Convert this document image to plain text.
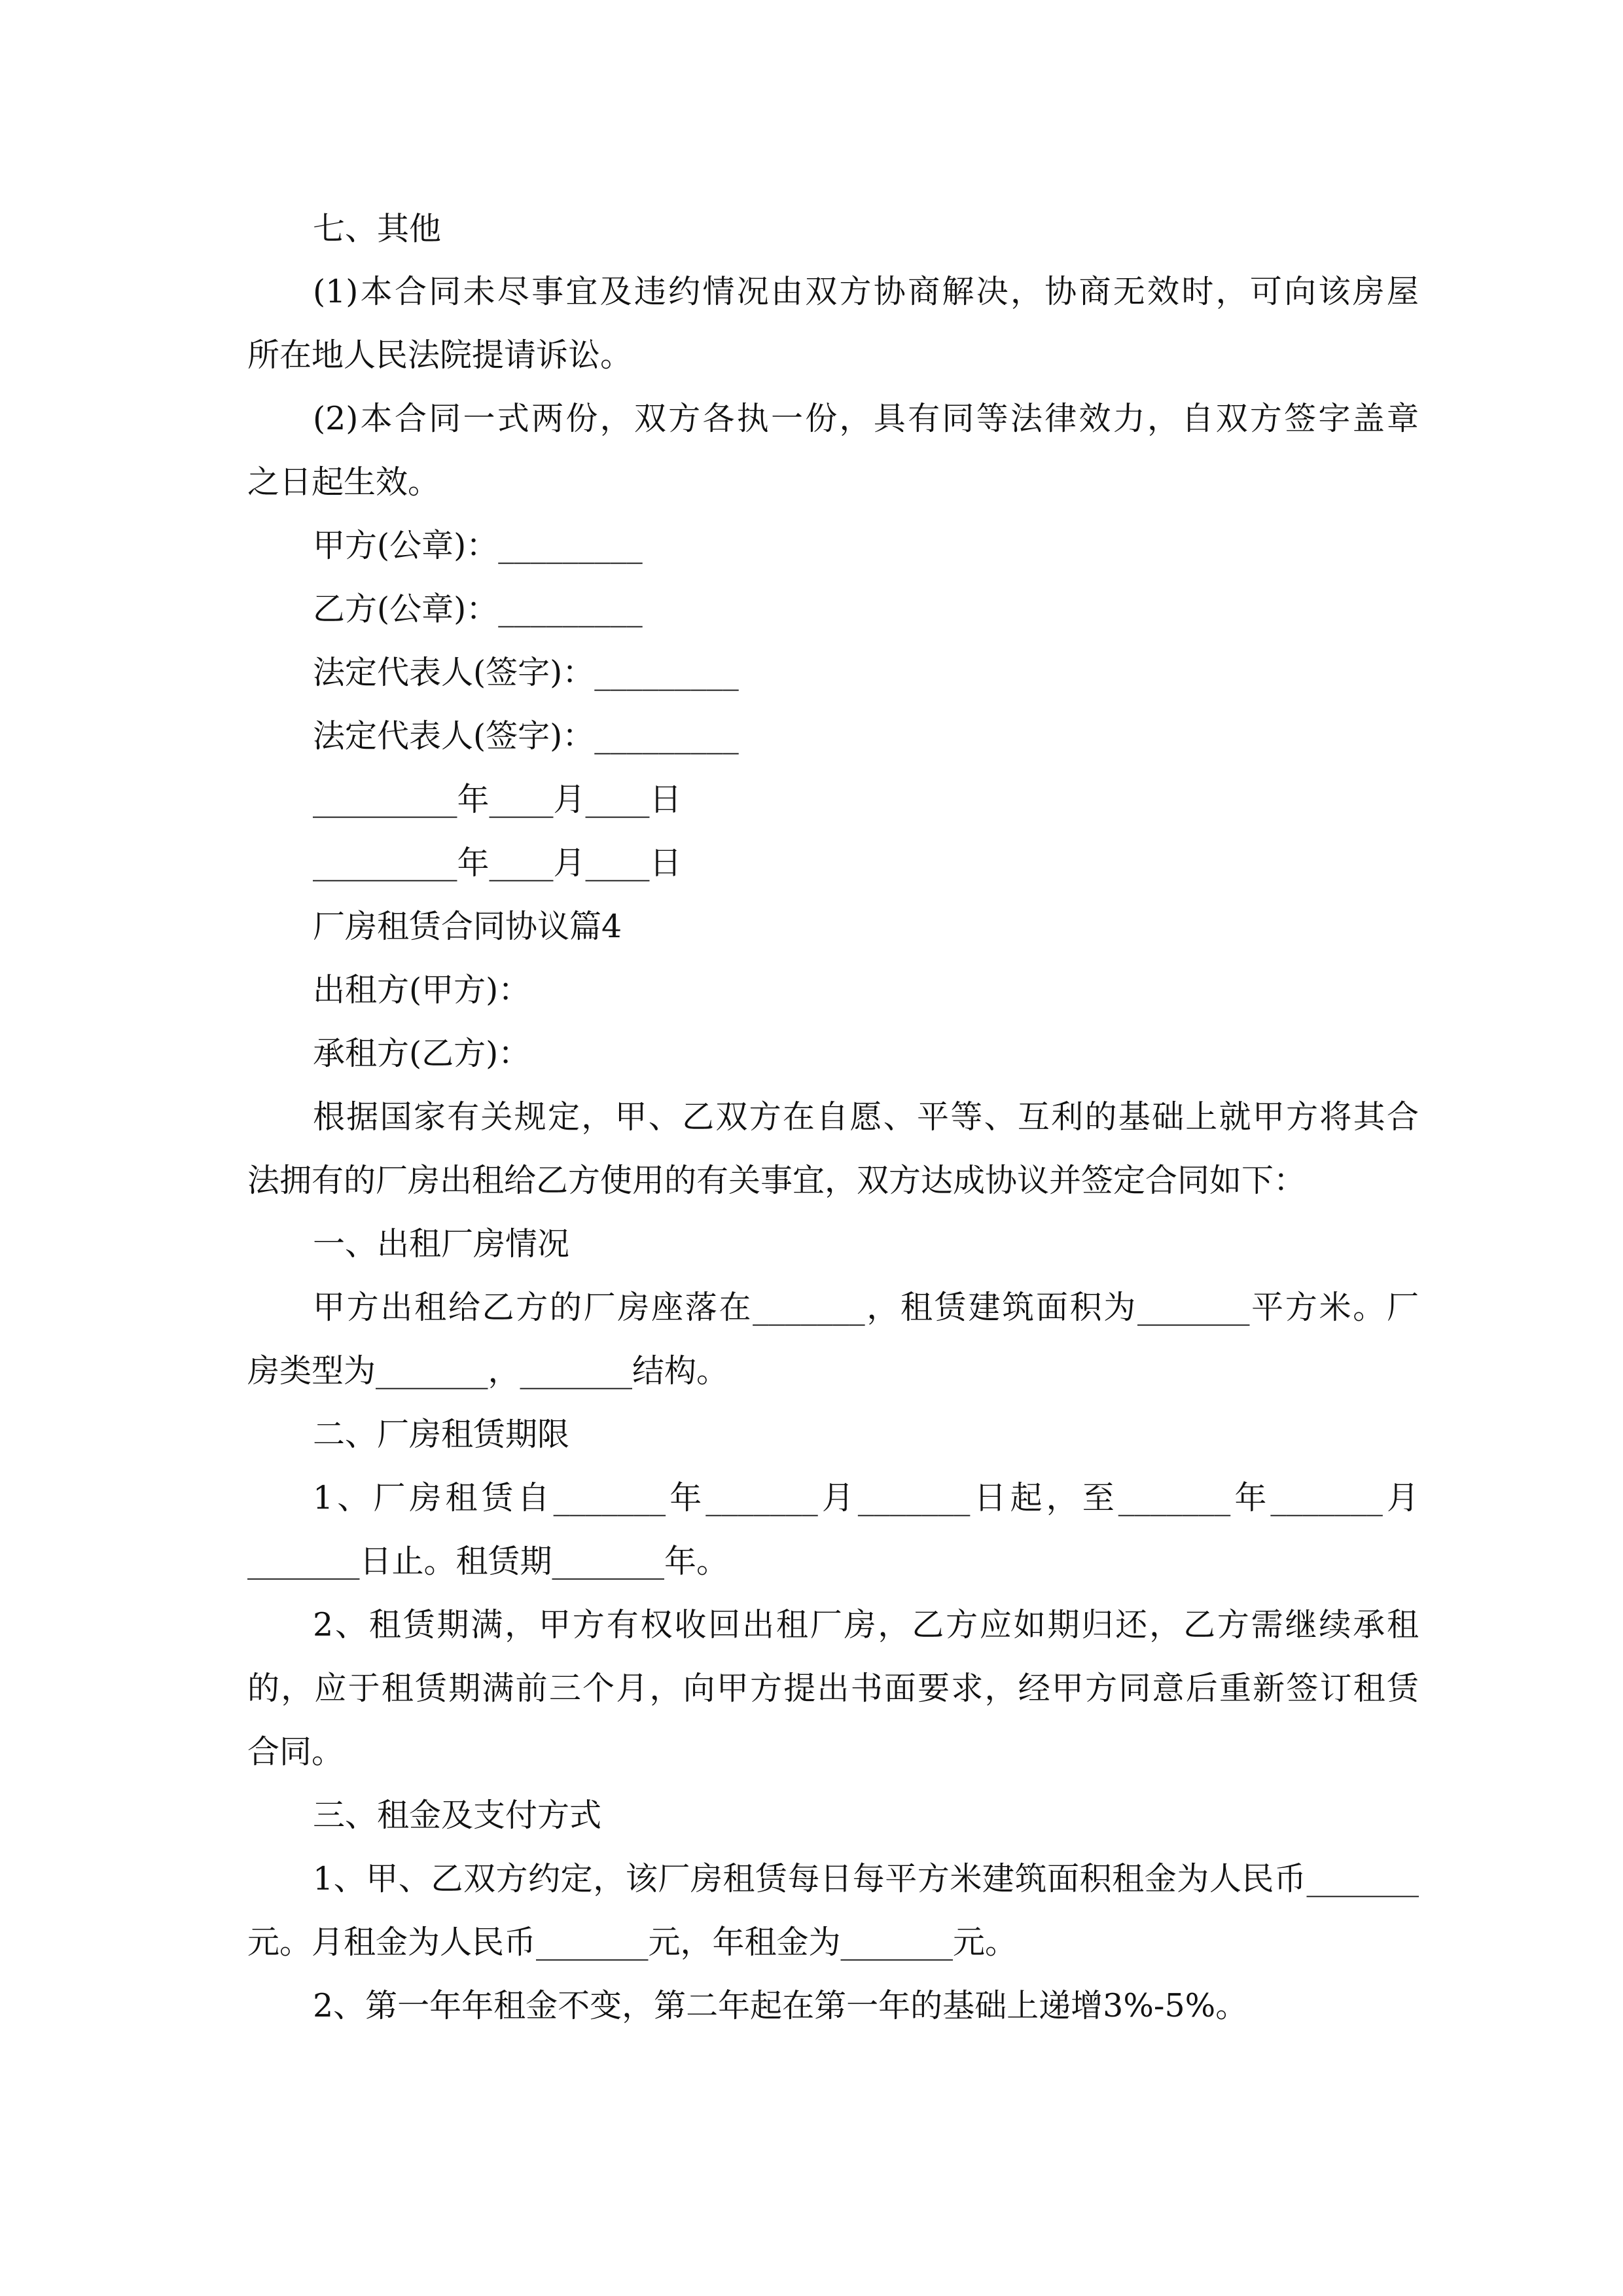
七、其他
(1)本合同未尽事宜及违约情况由双方协商解决，协商无效时，可向该房屋
所在地人民法院提请诉讼。
(2)本合同一式两份，双方各执一份，具有同等法律效力，自双方签字盖章
之日起生效。
甲方(公章)：_________
乙方(公章)：_________
法定代表人(签字)：_________
法定代表人(签字)：_________
_________年____月____日
_________年____月____日
厂房租赁合同协议篇4
出租方(甲方)：
承租方(乙方)：
根据国家有关规定，甲、乙双方在自愿、平等、互利的基础上就甲方将其合
法拥有的厂房出租给乙方使用的有关事宜，双方达成协议并签定合同如下：
一、出租厂房情况
甲方出租给乙方的厂房座落在_______，租赁建筑面积为_______平方米。厂
房类型为_______，_______结构。
二、厂房租赁期限
1、厂房租赁自_______年_______月_______日起，至_______年_______月
_______日止。租赁期_______年。
2、租赁期满，甲方有权收回出租厂房，乙方应如期归还，乙方需继续承租
的，应于租赁期满前三个月，向甲方提出书面要求，经甲方同意后重新签订租赁
合同。
三、租金及支付方式
1、甲、乙双方约定，该厂房租赁每日每平方米建筑面积租金为人民币_______
元。月租金为人民币_______元，年租金为_______元。
2、第一年年租金不变，第二年起在第一年的基础上递增3%-5%。
